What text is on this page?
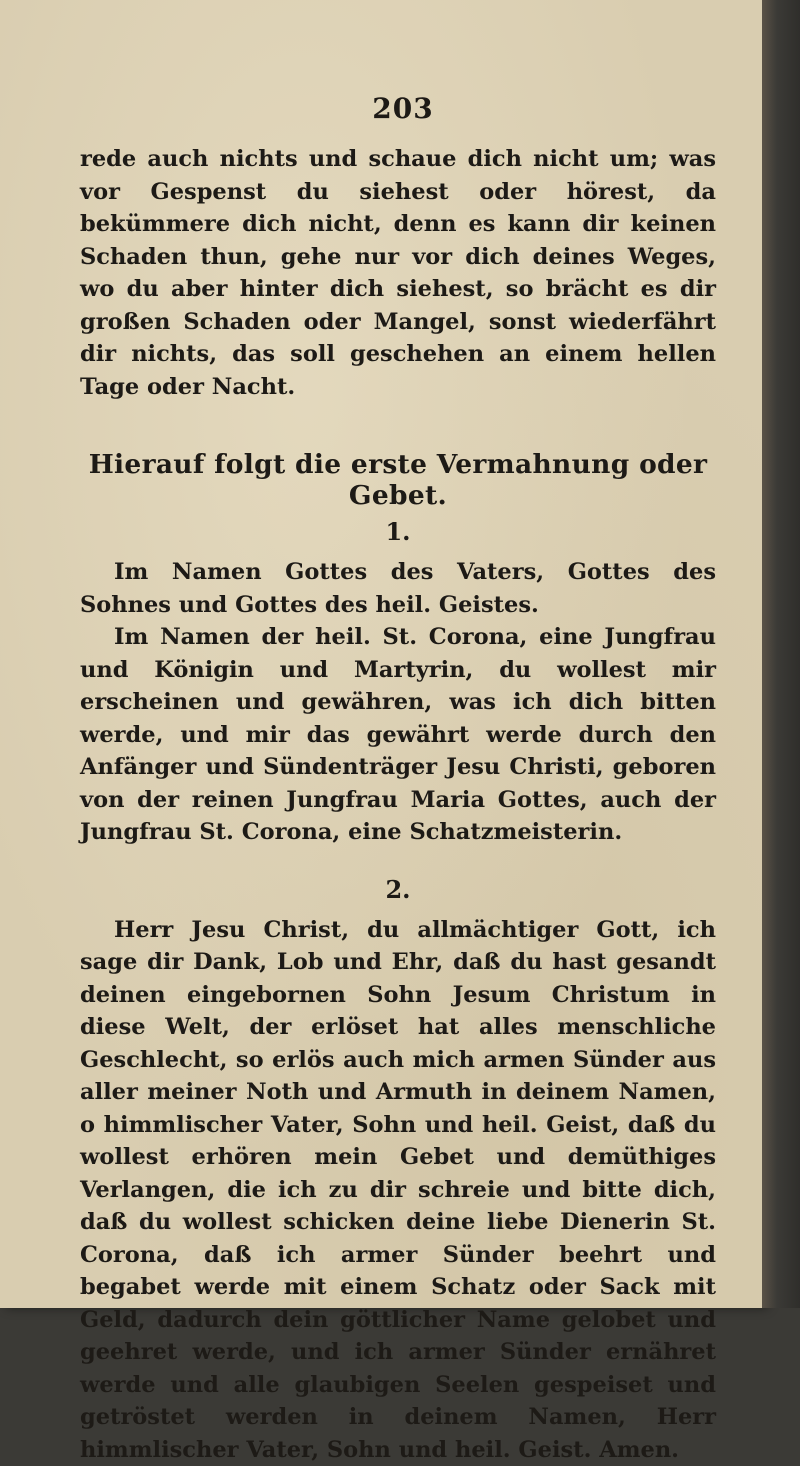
203

rede auch nichts und schaue dich nicht um; was vor Gespenst du siehest oder hörest, da bekümmere dich nicht, denn es kann dir keinen Schaden thun, gehe nur vor dich deines Weges, wo du aber hinter dich siehest, so brächt es dir großen Schaden oder Mangel, sonst wiederfährt dir nichts, das soll geschehen an einem hellen Tage oder Nacht.

Hierauf folgt die erste Vermahnung oder Gebet.
1.

Im Namen Gottes des Vaters, Gottes des Sohnes und Gottes des heil. Geistes.

Im Namen der heil. St. Corona, eine Jungfrau und Königin und Martyrin, du wollest mir erscheinen und gewähren, was ich dich bitten werde, und mir das gewährt werde durch den Anfänger und Sündenträger Jesu Christi, geboren von der reinen Jungfrau Maria Gottes, auch der Jungfrau St. Corona, eine Schatzmeisterin.

2.

Herr Jesu Christ, du allmächtiger Gott, ich sage dir Dank, Lob und Ehr, daß du hast gesandt deinen eingebornen Sohn Jesum Christum in diese Welt, der erlöset hat alles menschliche Geschlecht, so erlös auch mich armen Sünder aus aller meiner Noth und Armuth in deinem Namen, o himmlischer Vater, Sohn und heil. Geist, daß du wollest erhören mein Gebet und demüthiges Verlangen, die ich zu dir schreie und bitte dich, daß du wollest schicken deine liebe Dienerin St. Corona, daß ich armer Sünder beehrt und begabet werde mit einem Schatz oder Sack mit Geld, dadurch dein göttlicher Name gelobet und geehret werde, und ich armer Sünder ernähret werde und alle glaubigen Seelen gespeiset und getröstet werden in deinem Namen, Herr himmlischer Vater, Sohn und heil. Geist. Amen.
